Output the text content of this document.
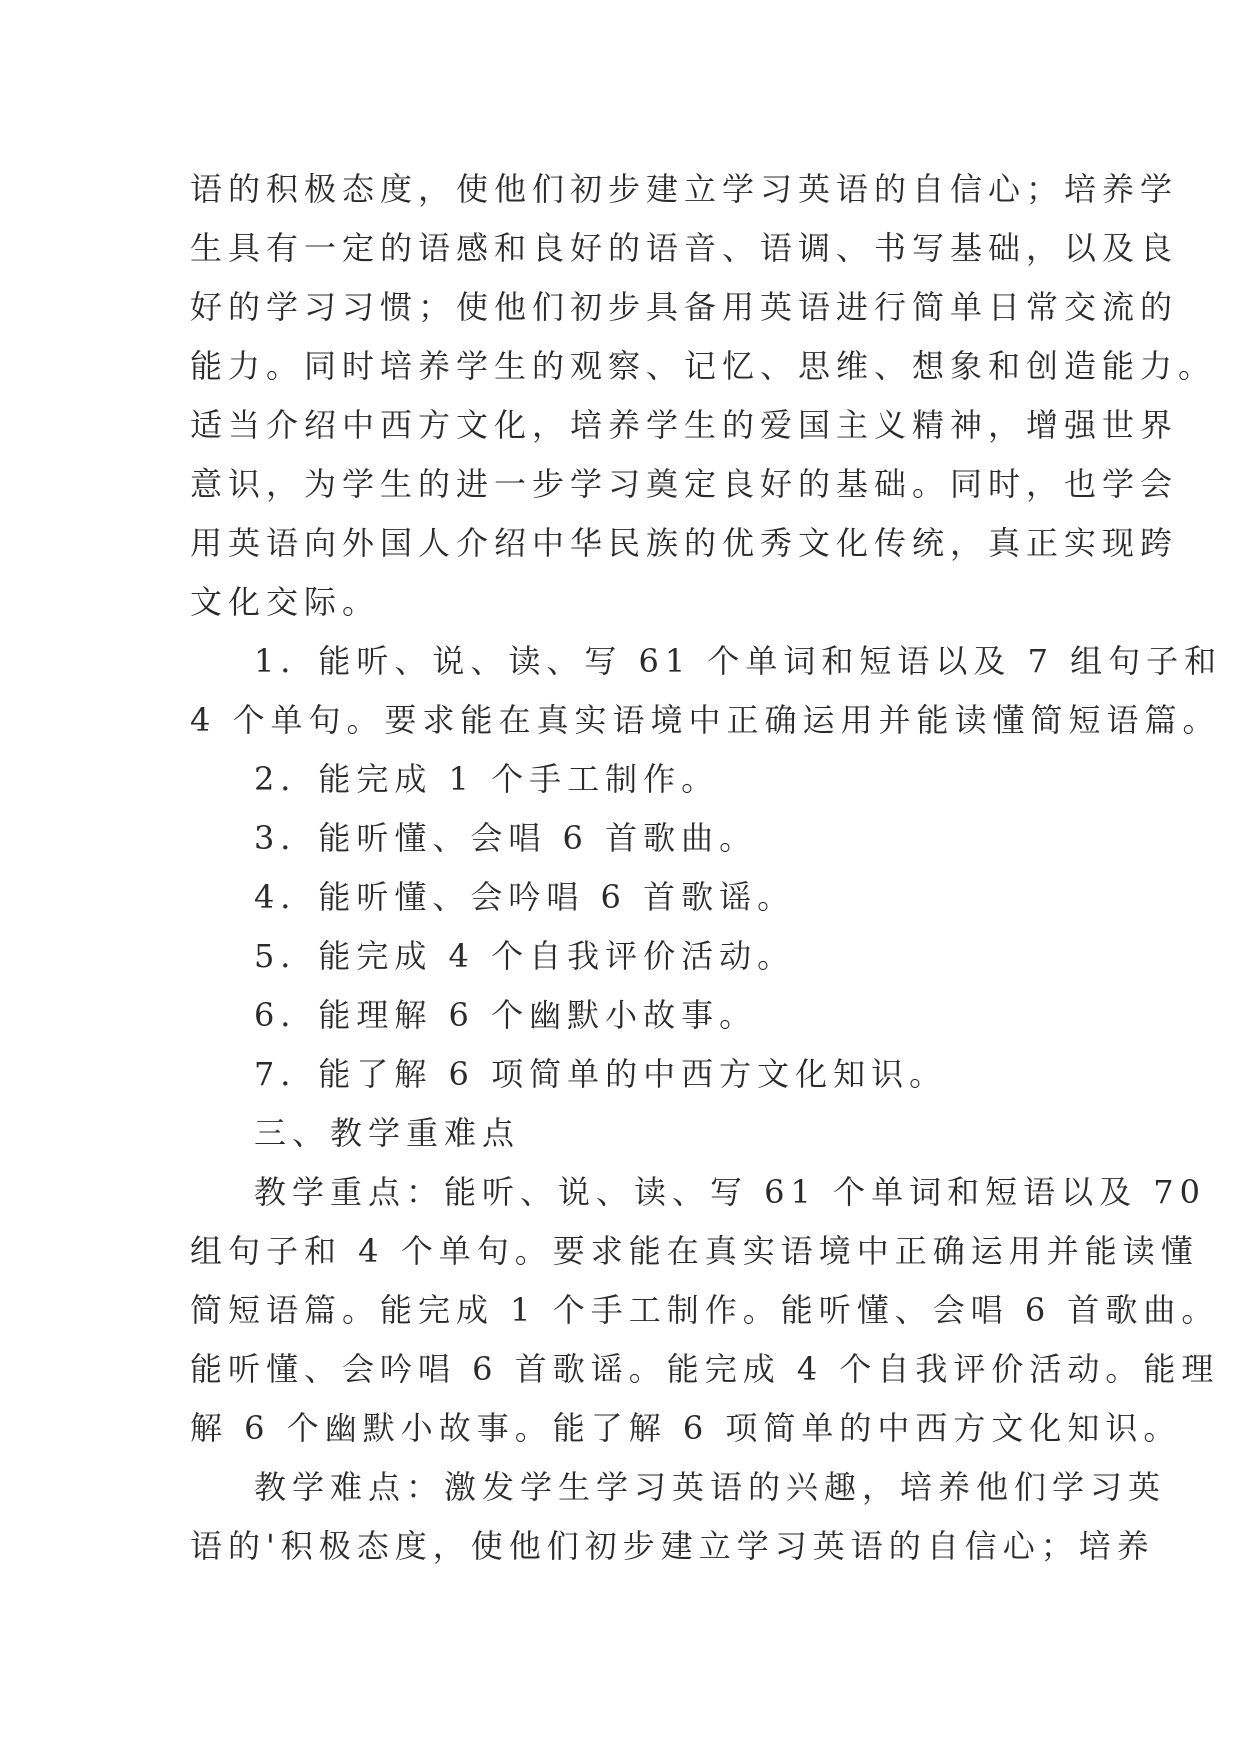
语的积极态度，使他们初步建立学习英语的自信心；培养学
生具有一定的语感和良好的语音、语调、书写基础，以及良
好的学习习惯；使他们初步具备用英语进行简单日常交流的
能力。同时培养学生的观察、记忆、思维、想象和创造能力。
适当介绍中西方文化，培养学生的爱国主义精神，增强世界
意识，为学生的进一步学习奠定良好的基础。同时，也学会
用英语向外国人介绍中华民族的优秀文化传统，真正实现跨
文化交际。
1．能听、说、读、写 61 个单词和短语以及 7 组句子和
4 个单句。要求能在真实语境中正确运用并能读懂简短语篇。
2．能完成 1 个手工制作。
3．能听懂、会唱 6 首歌曲。
4．能听懂、会吟唱 6 首歌谣。
5．能完成 4 个自我评价活动。
6．能理解 6 个幽默小故事。
7．能了解 6 项简单的中西方文化知识。
三、教学重难点
教学重点：能听、说、读、写 61 个单词和短语以及 70
组句子和 4 个单句。要求能在真实语境中正确运用并能读懂
简短语篇。能完成 1 个手工制作。能听懂、会唱 6 首歌曲。
能听懂、会吟唱 6 首歌谣。能完成 4 个自我评价活动。能理
解 6 个幽默小故事。能了解 6 项简单的中西方文化知识。
教学难点：激发学生学习英语的兴趣，培养他们学习英
语的'积极态度，使他们初步建立学习英语的自信心；培养
